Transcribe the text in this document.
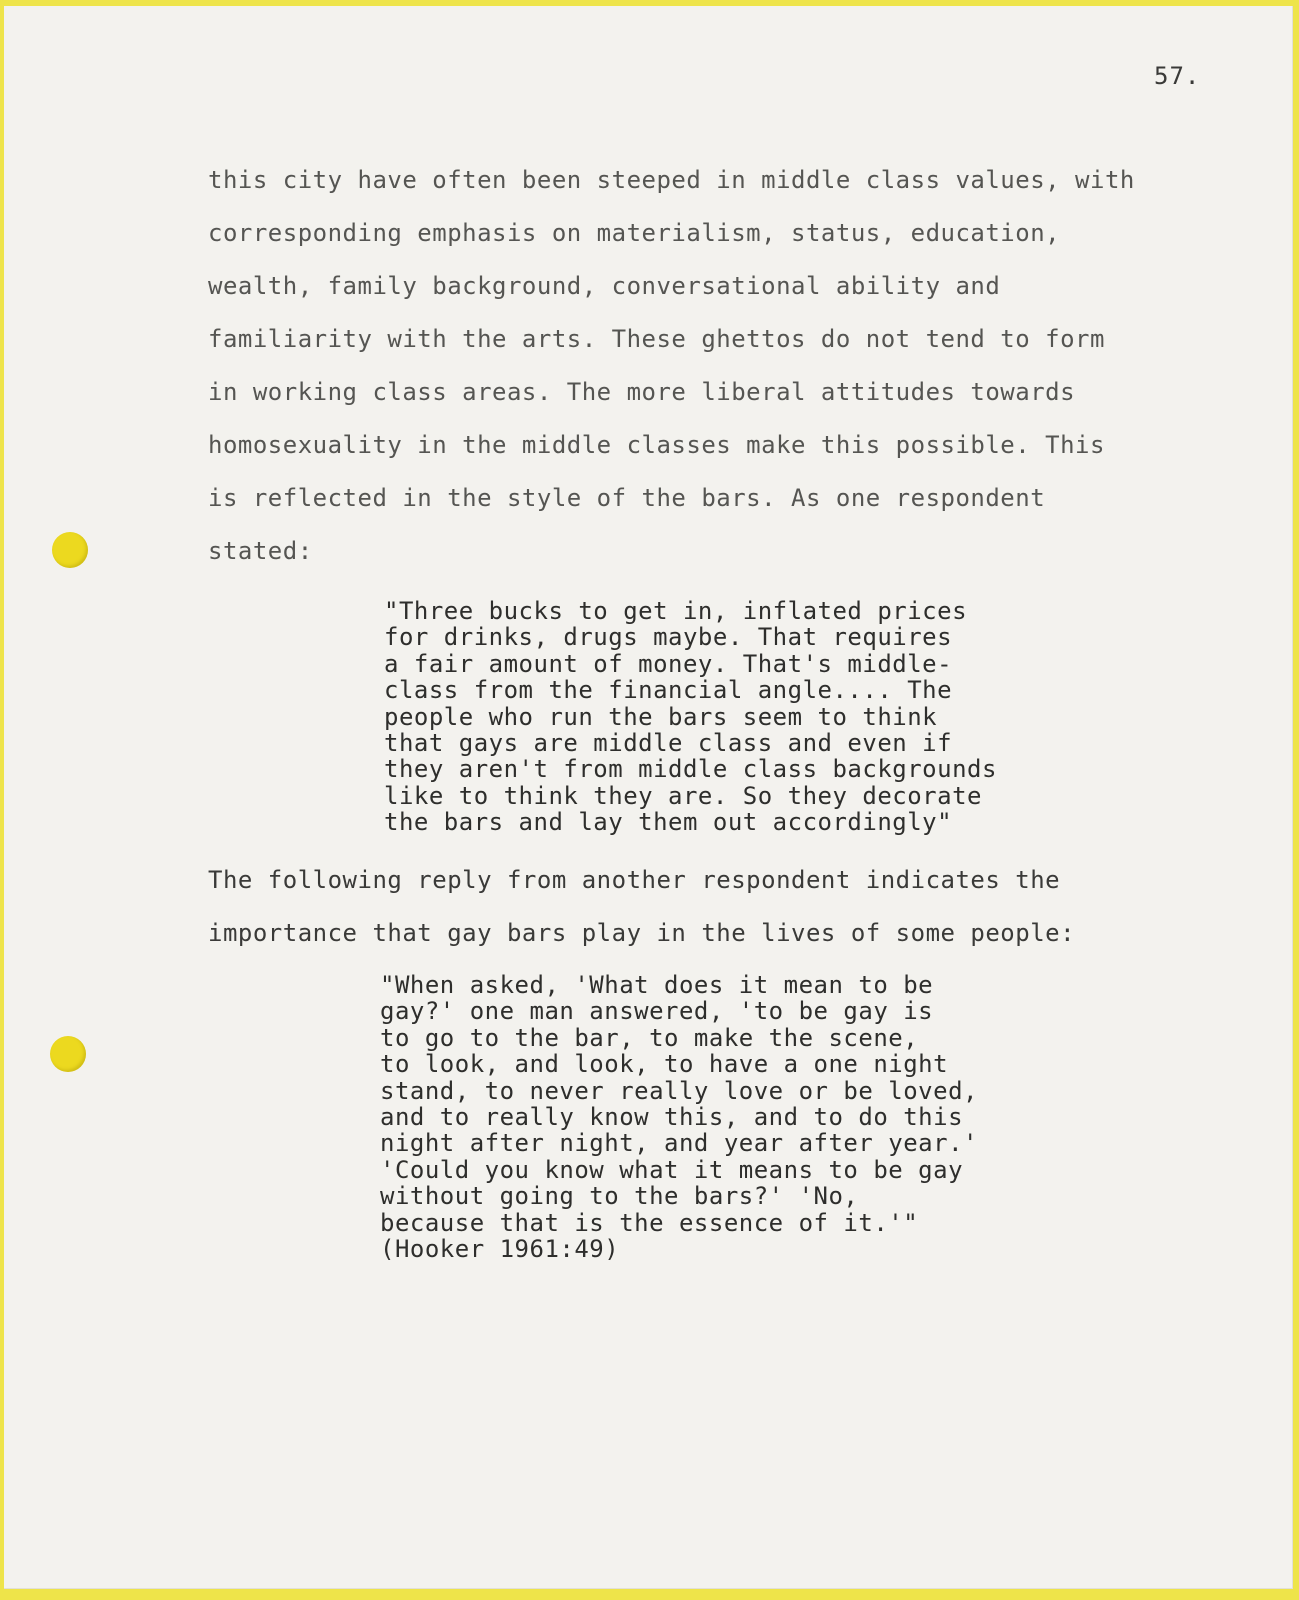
57.
this city have often been steeped in middle class values, with
corresponding emphasis on materialism, status, education,
wealth, family background, conversational ability and
familiarity with the arts. These ghettos do not tend to form
in working class areas. The more liberal attitudes towards
homosexuality in the middle classes make this possible. This
is reflected in the style of the bars. As one respondent
stated:
"Three bucks to get in, inflated prices
for drinks, drugs maybe. That requires
a fair amount of money. That's middle-
class from the financial angle.... The
people who run the bars seem to think
that gays are middle class and even if
they aren't from middle class backgrounds
like to think they are. So they decorate
the bars and lay them out accordingly"
The following reply from another respondent indicates the
importance that gay bars play in the lives of some people:
"When asked, 'What does it mean to be
gay?' one man answered, 'to be gay is
to go to the bar, to make the scene,
to look, and look, to have a one night
stand, to never really love or be loved,
and to really know this, and to do this
night after night, and year after year.'
'Could you know what it means to be gay
without going to the bars?' 'No,
because that is the essence of it.'"
(Hooker 1961:49)
